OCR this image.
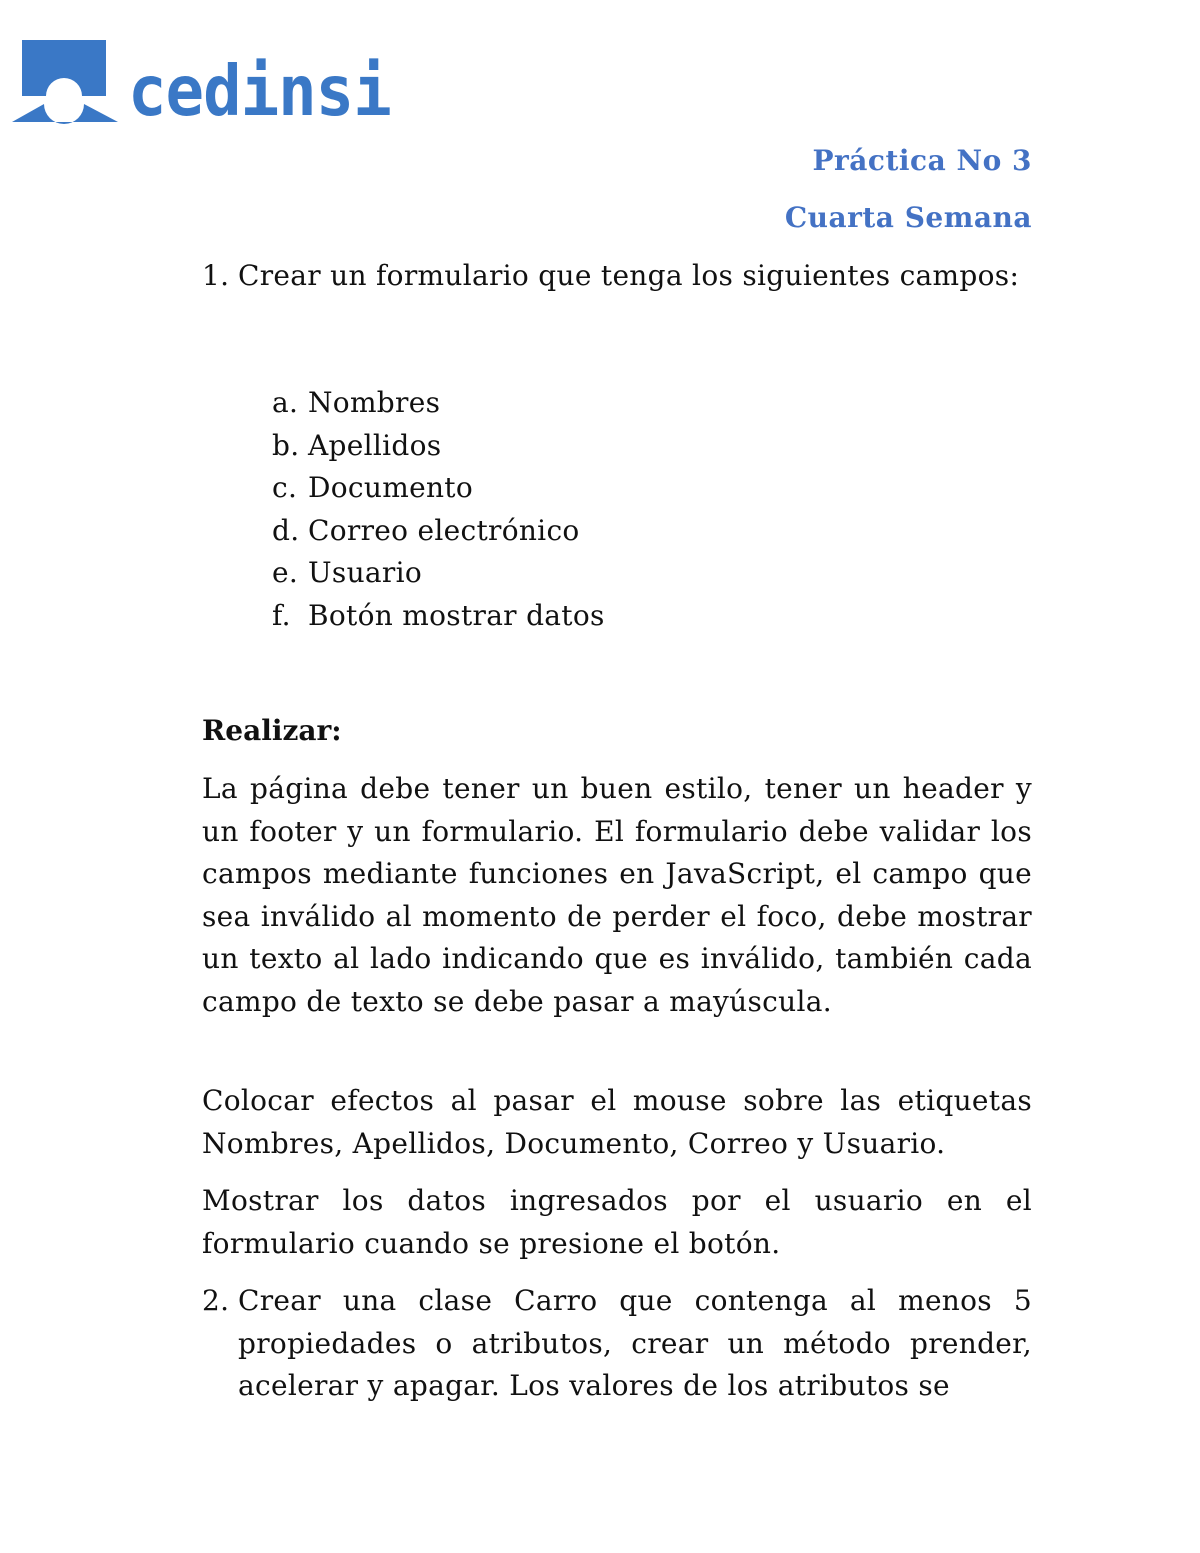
cedinsi
Práctica No 3
Cuarta Semana
1. Crear un formulario que tenga los siguientes campos:
a. Nombres
b. Apellidos
c. Documento
d. Correo electrónico
e. Usuario
f. Botón mostrar datos
Realizar:

La página debe tener un buen estilo, tener un header y un footer y un formulario. El formulario debe validar los campos mediante funciones en JavaScript, el campo que sea inválido al momento de perder el foco, debe mostrar un texto al lado indicando que es inválido, también cada campo de texto se debe pasar a mayúscula.

Colocar efectos al pasar el mouse sobre las etiquetas Nombres, Apellidos, Documento, Correo y Usuario.

Mostrar los datos ingresados por el usuario en el formulario cuando se presione el botón.

2. Crear una clase Carro que contenga al menos 5 propiedades o atributos, crear un método prender, acelerar y apagar. Los valores de los atributos se
